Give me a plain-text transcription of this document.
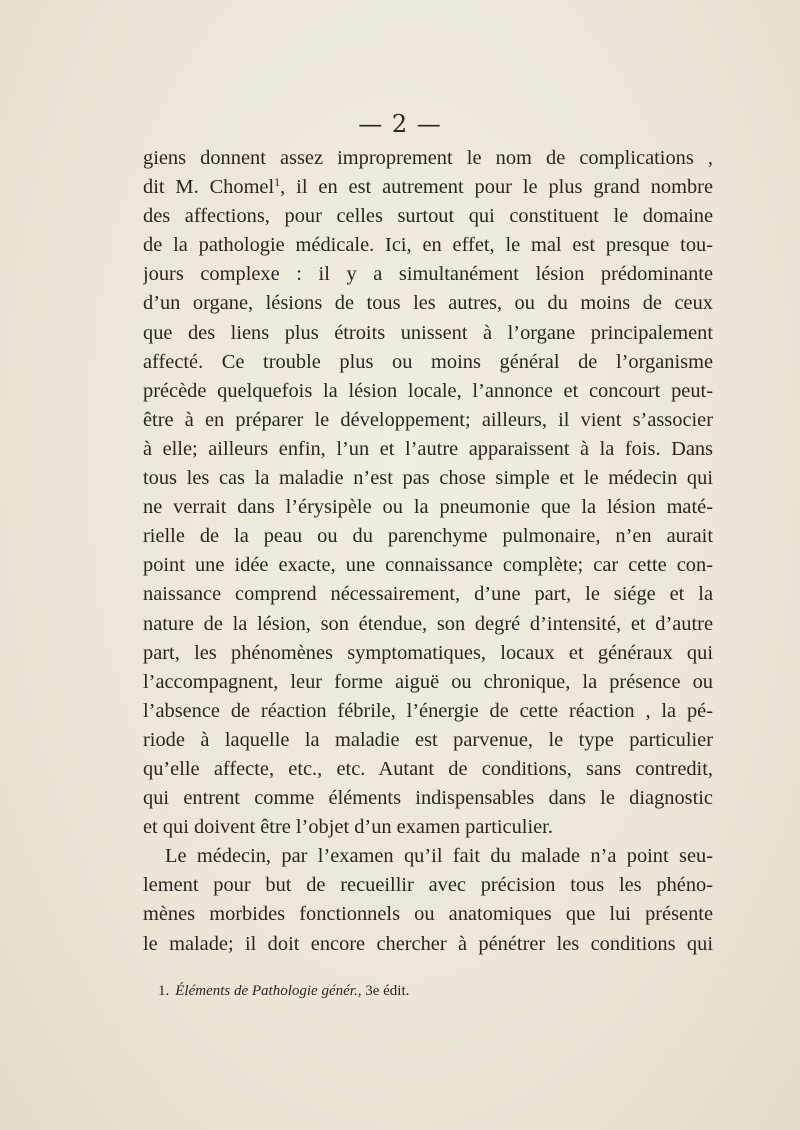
— 2 —
giens donnent assez improprement le nom de complications ,
dit M. Chomel$^1$, il en est autrement pour le plus grand nombre
des affections, pour celles surtout qui constituent le domaine
de la pathologie médicale. Ici, en effet, le mal est presque tou-
jours complexe : il y a simultanément lésion prédominante
d’un organe, lésions de tous les autres, ou du moins de ceux
que des liens plus étroits unissent à l’organe principalement
affecté. Ce trouble plus ou moins général de l’organisme
précède quelquefois la lésion locale, l’annonce et concourt peut-
être à en préparer le développement; ailleurs, il vient s’associer
à elle; ailleurs enfin, l’un et l’autre apparaissent à la fois. Dans
tous les cas la maladie n’est pas chose simple et le médecin qui
ne verrait dans l’érysipèle ou la pneumonie que la lésion maté-
rielle de la peau ou du parenchyme pulmonaire, n’en aurait
point une idée exacte, une connaissance complète; car cette con-
naissance comprend nécessairement, d’une part, le siége et la
nature de la lésion, son étendue, son degré d’intensité, et d’autre
part, les phénomènes symptomatiques, locaux et généraux qui
l’accompagnent, leur forme aiguë ou chronique, la présence ou
l’absence de réaction fébrile, l’énergie de cette réaction , la pé-
riode à laquelle la maladie est parvenue, le type particulier
qu’elle affecte, etc., etc. Autant de conditions, sans contredit,
qui entrent comme éléments indispensables dans le diagnostic
et qui doivent être l’objet d’un examen particulier.
Le médecin, par l’examen qu’il fait du malade n’a point seu-
lement pour but de recueillir avec précision tous les phéno-
mènes morbides fonctionnels ou anatomiques que lui présente
le malade; il doit encore chercher à pénétrer les conditions qui
1. Éléments de Pathologie génér., 3e édit.
